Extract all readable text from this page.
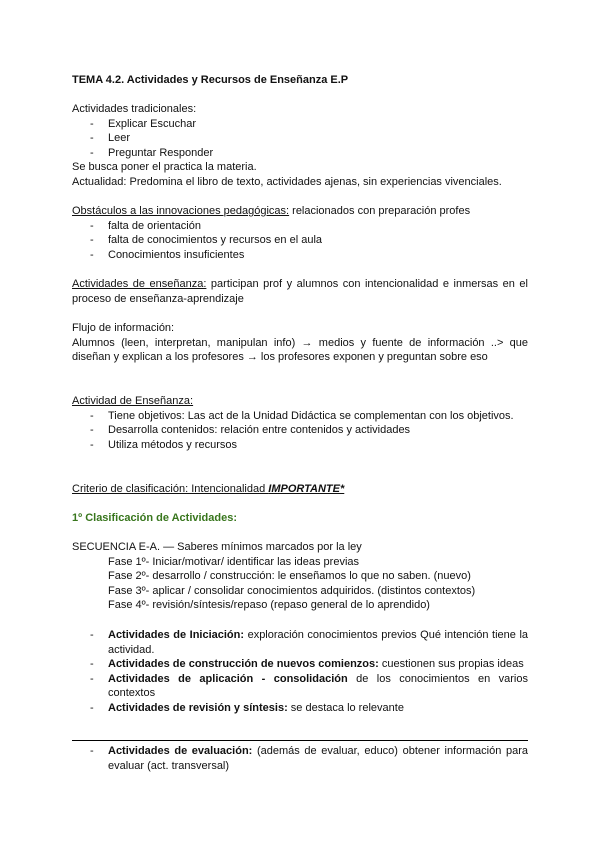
TEMA 4.2. Actividades y Recursos de Enseñanza E.P

Actividades tradicionales:

- Explicar Escuchar

- Leer

- Preguntar Responder

Se busca poner el practica la materia.

Actualidad: Predomina el libro de texto, actividades ajenas, sin experiencias vivenciales.

Obstáculos a las innovaciones pedagógicas: relacionados con preparación profes

- falta de orientación

- falta de conocimientos y recursos en el aula

- Conocimientos insuficientes

Actividades de enseñanza: participan prof y alumnos con intencionalidad e inmersas en el proceso de enseñanza-aprendizaje

Flujo de información:

Alumnos (leen, interpretan, manipulan info) → medios y fuente de información ..> que diseñan y explican a los profesores → los profesores exponen y preguntan sobre eso

Actividad de Enseñanza:

- Tiene objetivos: Las act de la Unidad Didáctica se complementan con los objetivos.

- Desarrolla contenidos: relación entre contenidos y actividades

- Utiliza métodos y recursos

Criterio de clasificación: Intencionalidad IMPORTANTE*

1º Clasificación de Actividades:

SECUENCIA E-A. — Saberes mínimos marcados por la ley

Fase 1º- Iniciar/motivar/ identificar las ideas previas

Fase 2º- desarrollo / construcción: le enseñamos lo que no saben. (nuevo)

Fase 3º- aplicar / consolidar conocimientos adquiridos. (distintos contextos)

Fase 4º- revisión/síntesis/repaso (repaso general de lo aprendido)

- Actividades de Iniciación: exploración conocimientos previos Qué intención tiene la actividad.

- Actividades de construcción de nuevos comienzos: cuestionen sus propias ideas

- Actividades de aplicación - consolidación de los conocimientos en varios contextos

- Actividades de revisión y síntesis: se destaca lo relevante

- Actividades de evaluación: (además de evaluar, educo) obtener información para evaluar (act. transversal)
